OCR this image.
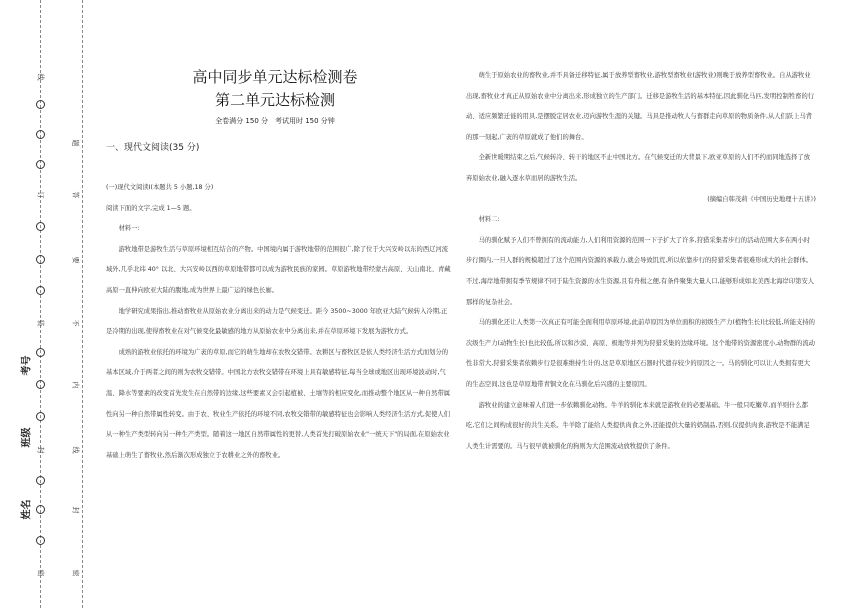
线
订
装
封
密
题
答
要
不
内
线
封
密
考号
班级
姓名
高中同步单元达标检测卷
第二单元达标检测
全卷满分 150 分　考试用时 150 分钟
一、现代文阅读(35 分)

(一)现代文阅读Ⅰ(本题共 5 小题,18 分)

阅读下面的文字,完成 1—5 题。

材料一:

游牧地带是游牧生活与草原环境相互结合的产物。中国境内属于游牧地带的范围很广,除了位于大兴安岭以东的西辽河流域外,几乎北纬 40° 以北、大兴安岭以西的草原地带都可以成为游牧民族的家园。草原游牧地带经蒙古高原、天山南北、青藏高原一直伸向欧亚大陆的腹地,成为世界上最广运的绿色长廊。

地学研究成果指出,推动畜牧业从原始农业分离出来的动力是气候变迁。距今 3500~3000 年欧亚大陆气候转入冷期,正是冷期的出现,使得畜牧业在对气候变化最敏感的地方从原始农业中分离出来,并在草原环境下发展为游牧方式。

成熟的游牧业依托的环境为广袤的草原,而它的萌生地却在农牧交错带。农耕区与畜牧区是依人类经济生活方式而划分的基本区域,介于两者之间的则为农牧交错带。中国北方农牧交错带在环境上具有敏感特征,每当全球或地区出现环境波动时,气温、降水等要素的改变首先发生在自然带的边缘,这些要素又会引起植被、土壤等的相应变化,而推动整个地区从一种自然带属性向另一种自然带属性转变。由于农、牧业生产依托的环境不同,农牧交错带的敏感特征也会影响人类经济生活方式,促使人们从一种生产类型转向另一种生产类型。随着这一地区自然带属性的更替,人类首先打破原始农业"一统天下"的局面,在原始农业基础上萌生了畜牧业,然后渐次形成独立于农耕业之外的畜牧业。

萌生于原始农业的畜牧业,并不具备迁移特征,属于放养型畜牧业,游牧型畜牧业(游牧业)则晚于放养型畜牧业。自从游牧业出现,畜牧业才真正从原始农业中分离出来,形成独立的生产部门。迁移是游牧生活的基本特征,因此驯化马匹,发明控制牲畜的行动、适应频繁迁徙的用具,是摆脱定居农业,迈向游牧生涯的关键。马具是推动牧人与畜群走向草原的物质条件,从人们跃上马背的那一刻起,广袤的草原就成了他们的舞台。

全新世暖期结束之后,气候转冷、转干的地区不止中国北方。在气候变迁的大背景下,欧亚草原的人们不约而同地选择了放弃原始农业,融入逐水草而居的游牧生活。

(摘编自韩茂莉《中国历史地理十五讲》)

材料二:

马的驯化赋予人们不曾拥有的流动能力,人们利用资源的范围一下子扩大了许多,狩猎采集者步行的活动范围大多在两小时步行圈内,一旦人群的规模超过了这个范围内资源的承载力,就会导致饥荒,所以依靠步行的狩猎采集者很难形成大的社会群体。不过,海岸地带拥有季节规律不同于陆生资源的水生资源,且有舟楫之便,有条件聚集大量人口,能够形成如北美西北海岸印第安人那样的复杂社会。

马的驯化还让人类第一次真正有可能全面利用草原环境,此前草原因为单位面积的初级生产力(植物生长)比较低,所能支持的次级生产力(动物生长)也比较低,所以和沙漠、高原、极地等并列为狩猎采集的边缘环境。这个地带的资源密度小,动物群的流动性非常大,狩猎采集者依赖步行是很难维持生计的,这是草原地区石器时代遗存较少的原因之一。马的驯化可以让人类拥有更大的生态空间,这也是草原地带青铜文化在马驯化后兴盛的主要原因。

游牧业的建立意味着人们进一步依赖驯化动物。牛羊的驯化本来就是游牧业的必要基础。牛一般只吃嫩草,而羊则什么都吃,它们之间构成很好的共生关系。牛羊除了能给人类提供肉食之外,还能提供大量的奶制品,否则,仅提供肉食,游牧是不能满足人类生计需要的。马与很早就被驯化的狗则为大范围流动放牧提供了条件。
